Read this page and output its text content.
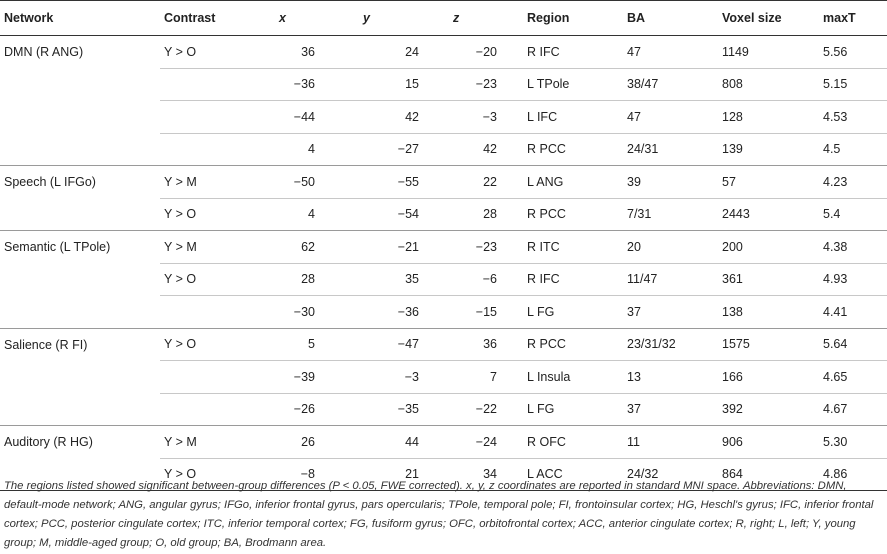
Network	Contrast	x	y	z	Region	BA	Voxel size	maxT
DMN (R ANG)	Y > O	36	24	−20	R IFC	47	1149	5.56
		−36	15	−23	L TPole	38/47	808	5.15
		−44	42	−3	L IFC	47	128	4.53
		4	−27	42	R PCC	24/31	139	4.5
Speech (L IFGo)	Y > M	−50	−55	22	L ANG	39	57	4.23
	Y > O	4	−54	28	R PCC	7/31	2443	5.4
Semantic (L TPole)	Y > M	62	−21	−23	R ITC	20	200	4.38
	Y > O	28	35	−6	R IFC	11/47	361	4.93
		−30	−36	−15	L FG	37	138	4.41
Salience (R FI)	Y > O	5	−47	36	R PCC	23/31/32	1575	5.64
		−39	−3	7	L Insula	13	166	4.65
		−26	−35	−22	L FG	37	392	4.67
Auditory (R HG)	Y > M	26	44	−24	R OFC	11	906	5.30
	Y > O	−8	21	34	L ACC	24/32	864	4.86
The regions listed showed significant between-group differences (P < 0.05, FWE corrected). x, y, z coordinates are reported in standard MNI space. Abbreviations: DMN, default-mode network; ANG, angular gyrus; IFGo, inferior frontal gyrus, pars opercularis; TPole, temporal pole; FI, frontoinsular cortex; HG, Heschl's gyrus; IFC, inferior frontal cortex; PCC, posterior cingulate cortex; ITC, inferior temporal cortex; FG, fusiform gyrus; OFC, orbitofrontal cortex; ACC, anterior cingulate cortex; R, right; L, left; Y, young group; M, middle-aged group; O, old group; BA, Brodmann area.
